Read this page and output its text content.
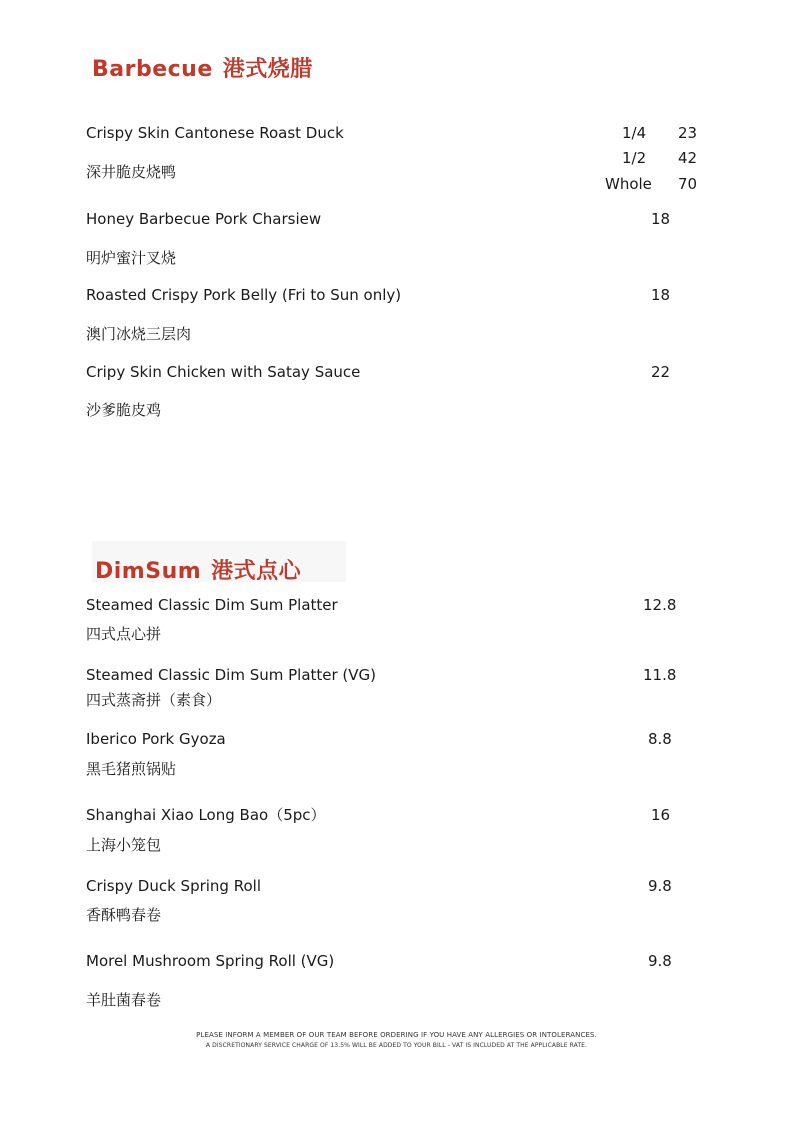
Barbecue 港式烧腊
Crispy Skin Cantonese Roast Duck
深井脆皮烧鸭
1/4 23
1/2 42
Whole 70
Honey Barbecue Pork Charsiew
明炉蜜汁叉烧
18
Roasted Crispy Pork Belly (Fri to Sun only)
澳门冰烧三层肉
18
Cripy Skin Chicken with Satay Sauce
沙爹脆皮鸡
22
DimSum 港式点心
Steamed Classic Dim Sum Platter
四式点心拼
12.8
Steamed Classic Dim Sum Platter (VG)
四式蒸斋拼（素食）
11.8
Iberico Pork Gyoza
黑毛猪煎锅贴
8.8
Shanghai Xiao Long Bao（5pc）
上海小笼包
16
Crispy Duck Spring Roll
香酥鸭春卷
9.8
Morel Mushroom Spring Roll (VG)
羊肚菌春卷
9.8
PLEASE INFORM A MEMBER OF OUR TEAM BEFORE ORDERING IF YOU HAVE ANY ALLERGIES OR INTOLERANCES.
A DISCRETIONARY SERVICE CHARGE OF 13.5% WILL BE ADDED TO YOUR BILL - VAT IS INCLUDED AT THE APPLICABLE RATE.
